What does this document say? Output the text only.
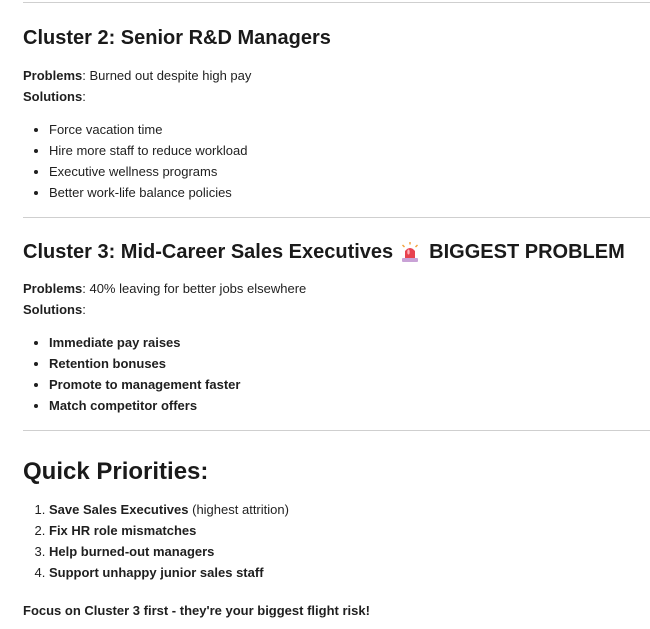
Cluster 2: Senior R&D Managers

Problems: Burned out despite high pay

Solutions:

• Force vacation time
• Hire more staff to reduce workload
• Executive wellness programs
• Better work-life balance policies
Cluster 3: Mid-Career Sales Executives BIGGEST PROBLEM

Problems: 40% leaving for better jobs elsewhere

Solutions:

• Immediate pay raises
• Retention bonuses
• Promote to management faster
• Match competitor offers
Quick Priorities:
1. Save Sales Executives (highest attrition)
2. Fix HR role mismatches
3. Help burned-out managers
4. Support unhappy junior sales staff

Focus on Cluster 3 first - they're your biggest flight risk!
